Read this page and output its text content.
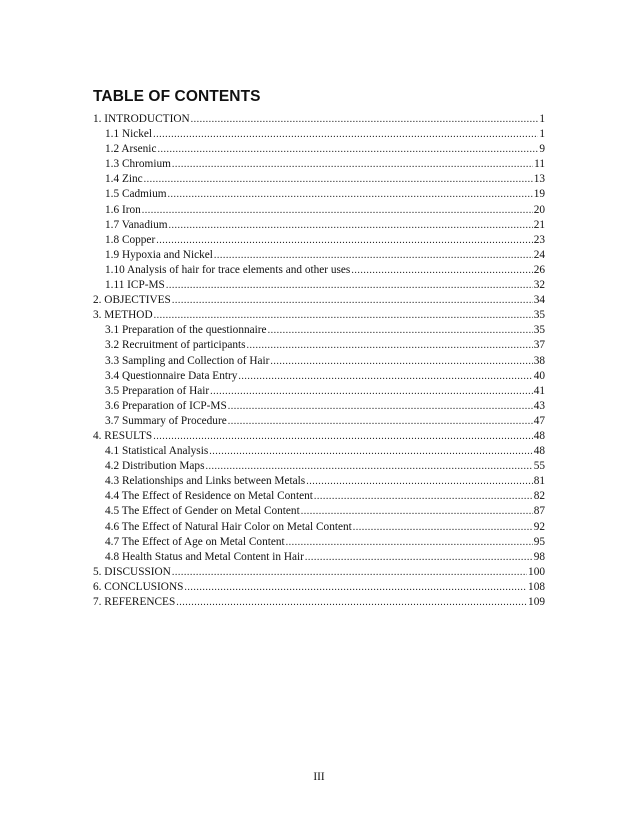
TABLE OF CONTENTS
1. INTRODUCTION .....	1
1.1 Nickel .....	1
1.2 Arsenic .....	9
1.3 Chromium .....	11
1.4 Zinc .....	13
1.5 Cadmium .....	19
1.6 Iron .....	20
1.7 Vanadium .....	21
1.8 Copper .....	23
1.9 Hypoxia and Nickel .....	24
1.10 Analysis of hair for trace elements and other uses .....	26
1.11 ICP-MS .....	32
2. OBJECTIVES .....	34
3. METHOD .....	35
3.1 Preparation of the questionnaire .....	35
3.2 Recruitment of participants .....	37
3.3 Sampling and Collection of Hair .....	38
3.4 Questionnaire Data Entry .....	40
3.5 Preparation of Hair .....	41
3.6 Preparation of ICP-MS .....	43
3.7 Summary of Procedure .....	47
4. RESULTS .....	48
4.1 Statistical Analysis .....	48
4.2 Distribution Maps .....	55
4.3 Relationships and Links between Metals .....	81
4.4 The Effect of Residence on Metal Content .....	82
4.5 The Effect of Gender on Metal Content .....	87
4.6 The Effect of Natural Hair Color on Metal Content .....	92
4.7 The Effect of Age on Metal Content .....	95
4.8 Health Status and Metal Content in Hair .....	98
5. DISCUSSION .....	100
6. CONCLUSIONS .....	108
7. REFERENCES .....	109
III
